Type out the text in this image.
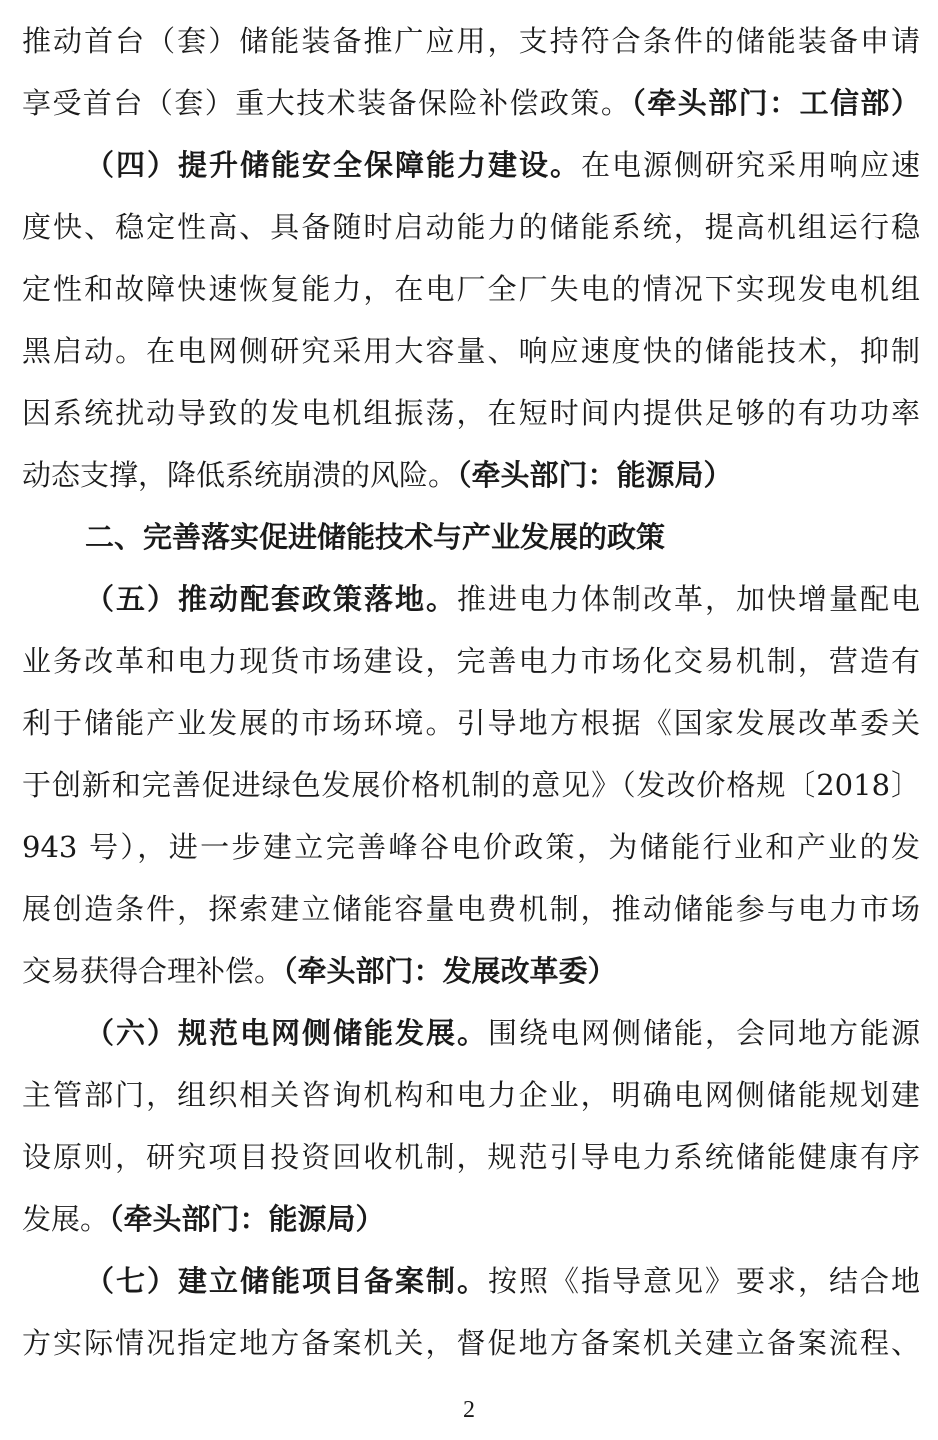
推动首台（套）储能装备推广应用，支持符合条件的储能装备申请
享受首台（套）重大技术装备保险补偿政策。（牵头部门：工信部）
（四）提升储能安全保障能力建设。在电源侧研究采用响应速
度快、稳定性高、具备随时启动能力的储能系统，提高机组运行稳
定性和故障快速恢复能力，在电厂全厂失电的情况下实现发电机组
黑启动。在电网侧研究采用大容量、响应速度快的储能技术，抑制
因系统扰动导致的发电机组振荡，在短时间内提供足够的有功功率
动态支撑，降低系统崩溃的风险。（牵头部门：能源局）
二、完善落实促进储能技术与产业发展的政策
（五）推动配套政策落地。推进电力体制改革，加快增量配电
业务改革和电力现货市场建设，完善电力市场化交易机制，营造有
利于储能产业发展的市场环境。引导地方根据《国家发展改革委关
于创新和完善促进绿色发展价格机制的意见》（发改价格规〔2018〕
943 号），进一步建立完善峰谷电价政策，为储能行业和产业的发
展创造条件，探索建立储能容量电费机制，推动储能参与电力市场
交易获得合理补偿。（牵头部门：发展改革委）
（六）规范电网侧储能发展。围绕电网侧储能，会同地方能源
主管部门，组织相关咨询机构和电力企业，明确电网侧储能规划建
设原则，研究项目投资回收机制，规范引导电力系统储能健康有序
发展。（牵头部门：能源局）
（七）建立储能项目备案制。按照《指导意见》要求，结合地
方实际情况指定地方备案机关，督促地方备案机关建立备案流程、
2
